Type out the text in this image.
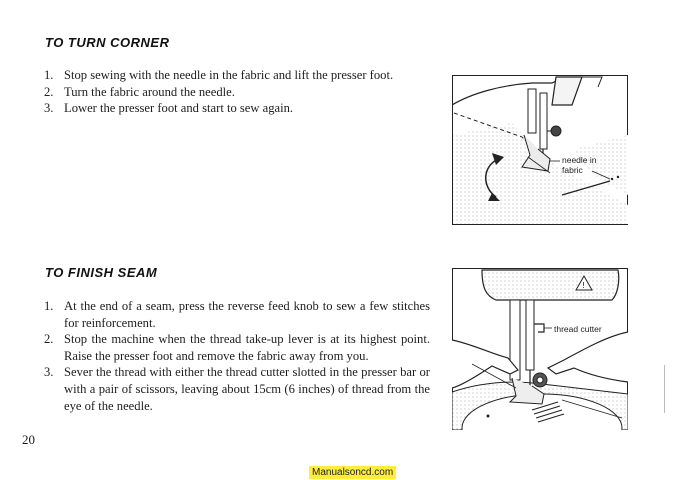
TO TURN CORNER
1. Stop sewing with the needle in the fabric and lift the presser foot.
2. Turn the fabric around the needle.
3. Lower the presser foot and start to sew again.
needle in
fabric
TO FINISH SEAM
1. At the end of a seam, press the reverse feed knob to sew a few stitches for reinforcement.
2. Stop the machine when the thread take-up lever is at its highest point. Raise the presser foot and remove the fabric away from you.
3. Sever the thread with either the thread cutter slotted in the presser bar or with a pair of scissors, leaving about 15cm (6 inches) of thread from the eye of the needle.
!
thread cutter
20
Manualsoncd.com
